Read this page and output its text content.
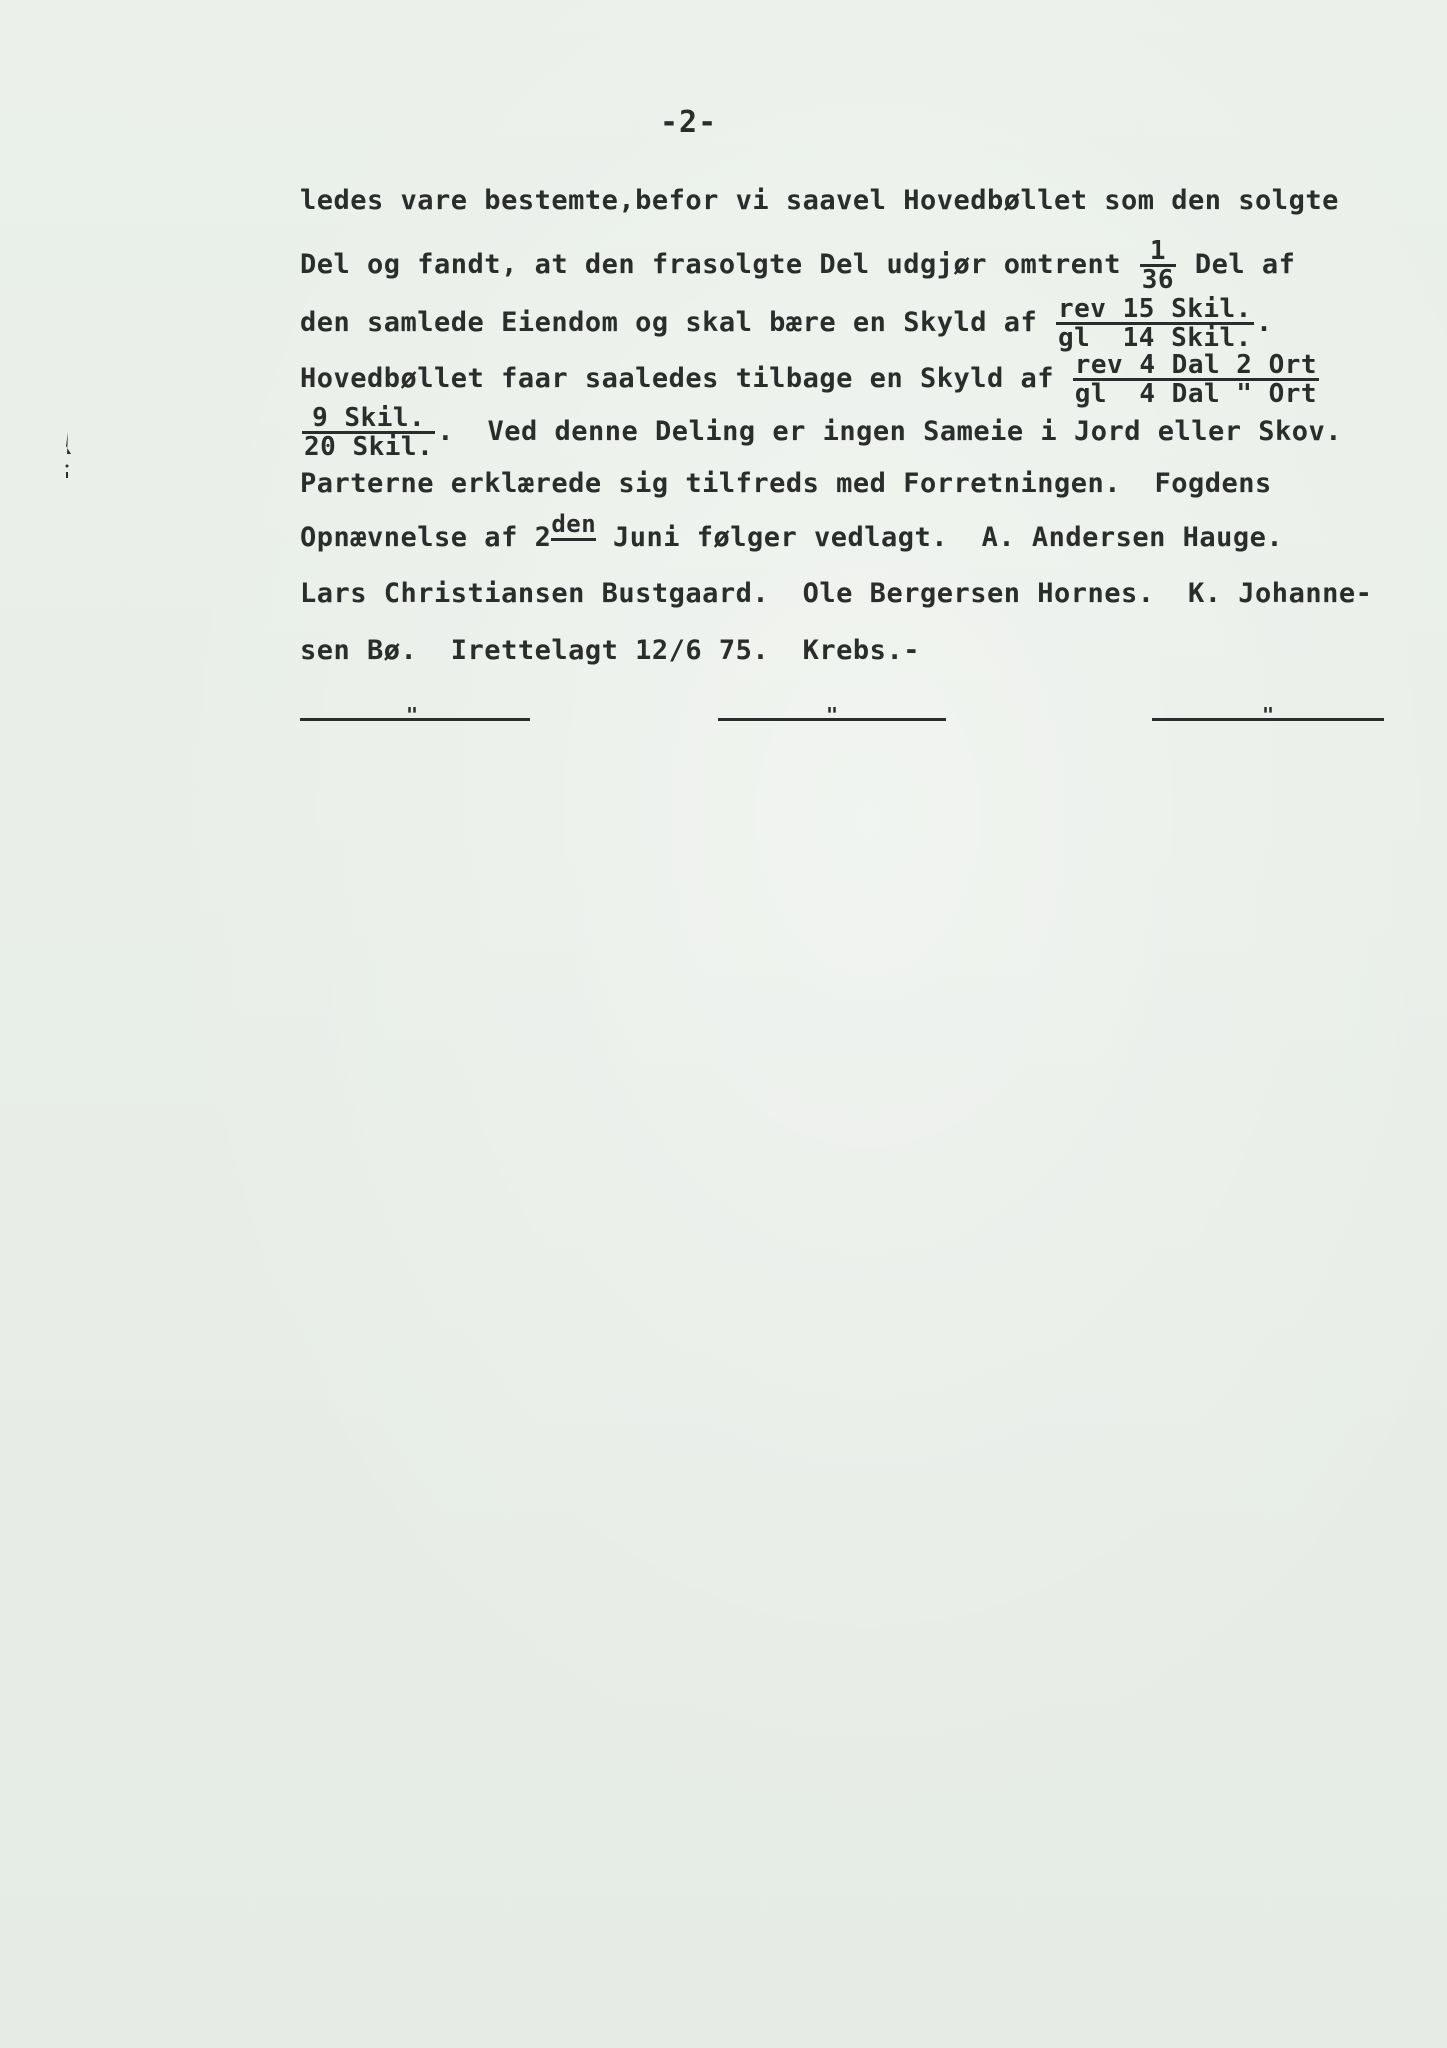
-2-
ledes vare bestemte,befor vi saavel Hovedbøllet som den solgte
Del og fandt, at den frasolgte Del udgjør omtrent $\frac{1}{36}$ Del af
den samlede Eiendom og skal bære en Skyld af $\frac{\text{rev 15 Skil.}}{\text{gl  14 Skil.}}$ .
Hovedbøllet faar saaledes tilbage en Skyld af $\frac{\text{rev 4 Dal 2 Ort}}{\text{gl  4 Dal " Ort}}$
$\frac{\text{9 Skil.}}{\text{20 Skil.}}$ .  Ved denne Deling er ingen Sameie i Jord eller Skov.
Parterne erklærede sig tilfreds med Forretningen.  Fogdens
Opnævnelse af 2den Juni følger vedlagt.  A. Andersen Hauge.
Lars Christiansen Bustgaard.  Ole Bergersen Hornes.  K. Johanne-
sen Bø.  Irettelagt 12/6 75.  Krebs.-
"	"	"
